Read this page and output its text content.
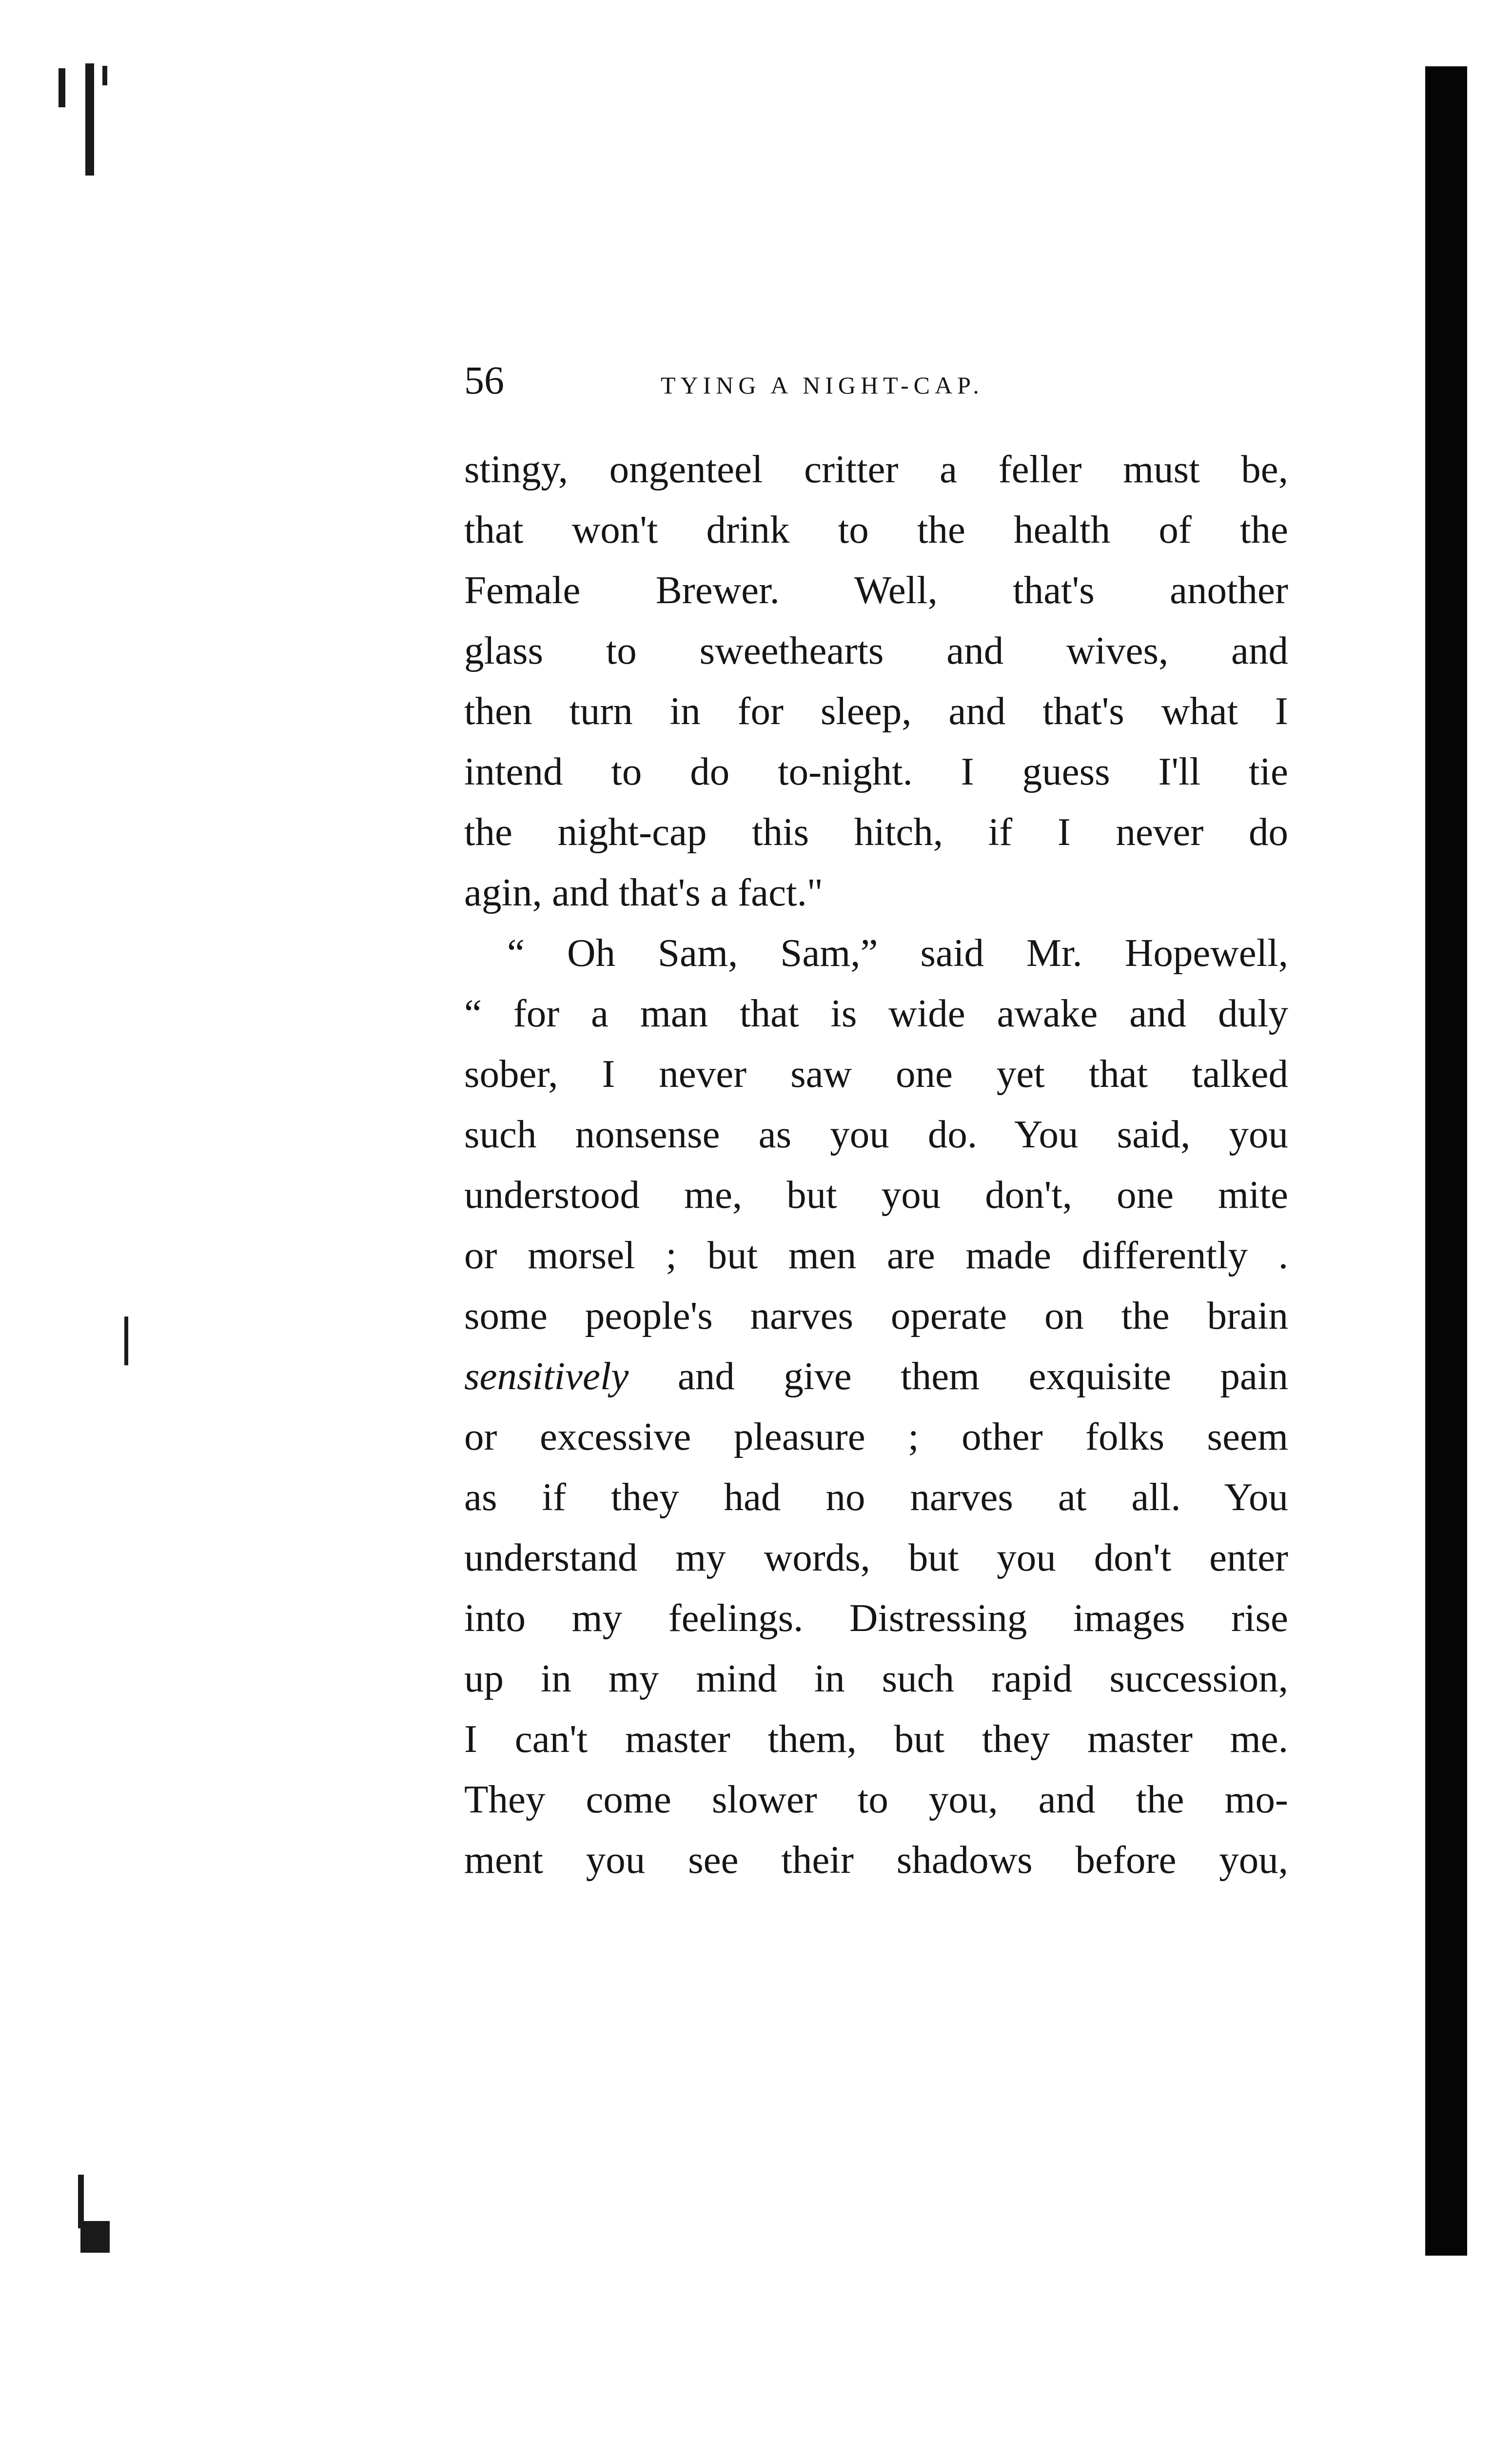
56	TYING A NIGHT-CAP.
stingy, ongenteel critter a feller must be,
that won't drink to the health of the
Female Brewer. Well, that's another
glass to sweethearts and wives, and
then turn in for sleep, and that's what I
intend to do to-night. I guess I'll tie
the night-cap this hitch, if I never do
agin, and that's a fact."
“ Oh Sam, Sam,” said Mr. Hopewell,
“ for a man that is wide awake and duly
sober, I never saw one yet that talked
such nonsense as you do. You said, you
understood me, but you don't, one mite
or morsel ; but men are made differently .
some people's narves operate on the brain
sensitively and give them exquisite pain
or excessive pleasure ; other folks seem
as if they had no narves at all. You
understand my words, but you don't enter
into my feelings. Distressing images rise
up in my mind in such rapid succession,
I can't master them, but they master me.
They come slower to you, and the mo-
ment you see their shadows before you,
